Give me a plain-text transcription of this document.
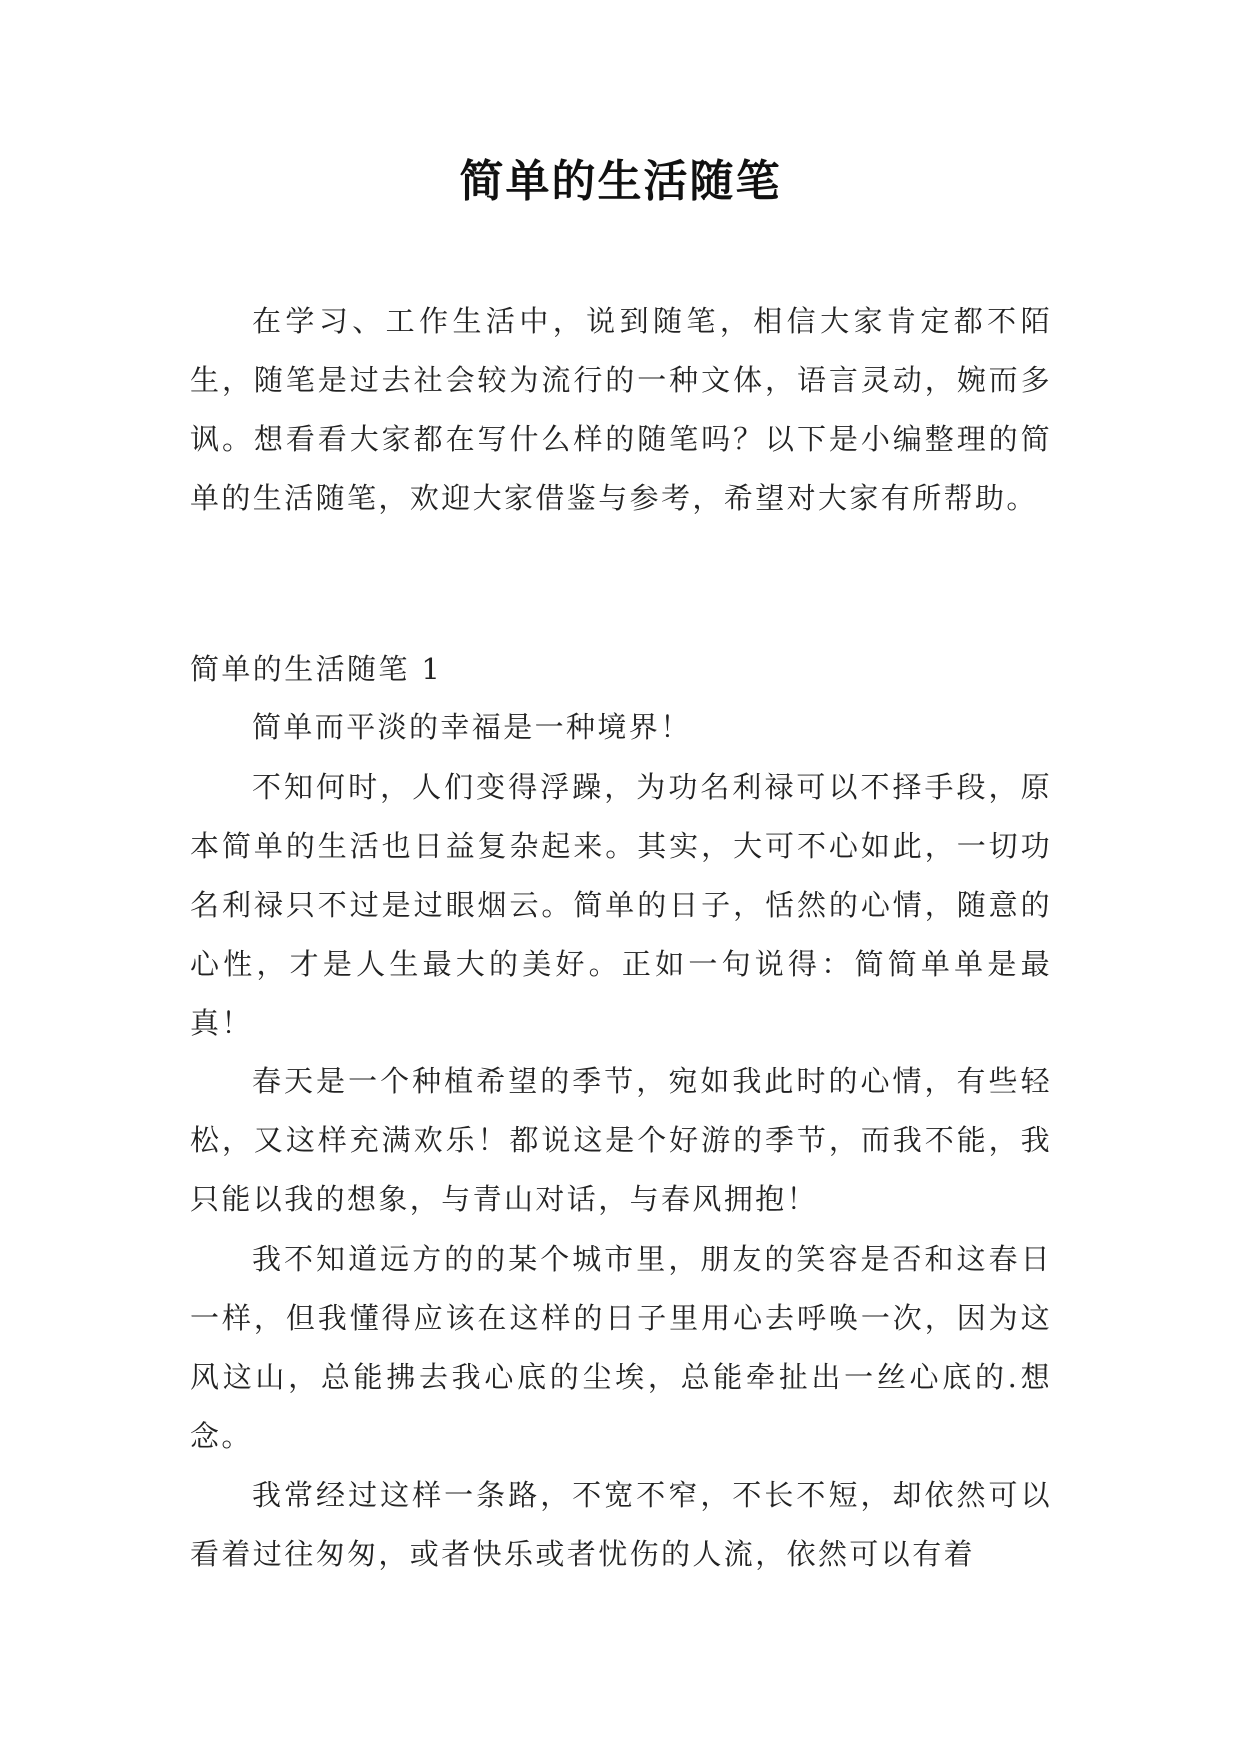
简单的生活随笔

在学习、工作生活中，说到随笔，相信大家肯定都不陌生，随笔是过去社会较为流行的一种文体，语言灵动，婉而多讽。想看看大家都在写什么样的随笔吗？以下是小编整理的简单的生活随笔，欢迎大家借鉴与参考，希望对大家有所帮助。

简单的生活随笔 1

简单而平淡的幸福是一种境界！

不知何时，人们变得浮躁，为功名利禄可以不择手段，原本简单的生活也日益复杂起来。其实，大可不心如此，一切功名利禄只不过是过眼烟云。简单的日子，恬然的心情，随意的心性，才是人生最大的美好。正如一句说得：简简单单是最真！

春天是一个种植希望的季节，宛如我此时的心情，有些轻松，又这样充满欢乐！都说这是个好游的季节，而我不能，我只能以我的想象，与青山对话，与春风拥抱！

我不知道远方的的某个城市里，朋友的笑容是否和这春日一样，但我懂得应该在这样的日子里用心去呼唤一次，因为这风这山，总能拂去我心底的尘埃，总能牵扯出一丝心底的.想念。

我常经过这样一条路，不宽不窄，不长不短，却依然可以看着过往匆匆，或者快乐或者忧伤的人流，依然可以有着
